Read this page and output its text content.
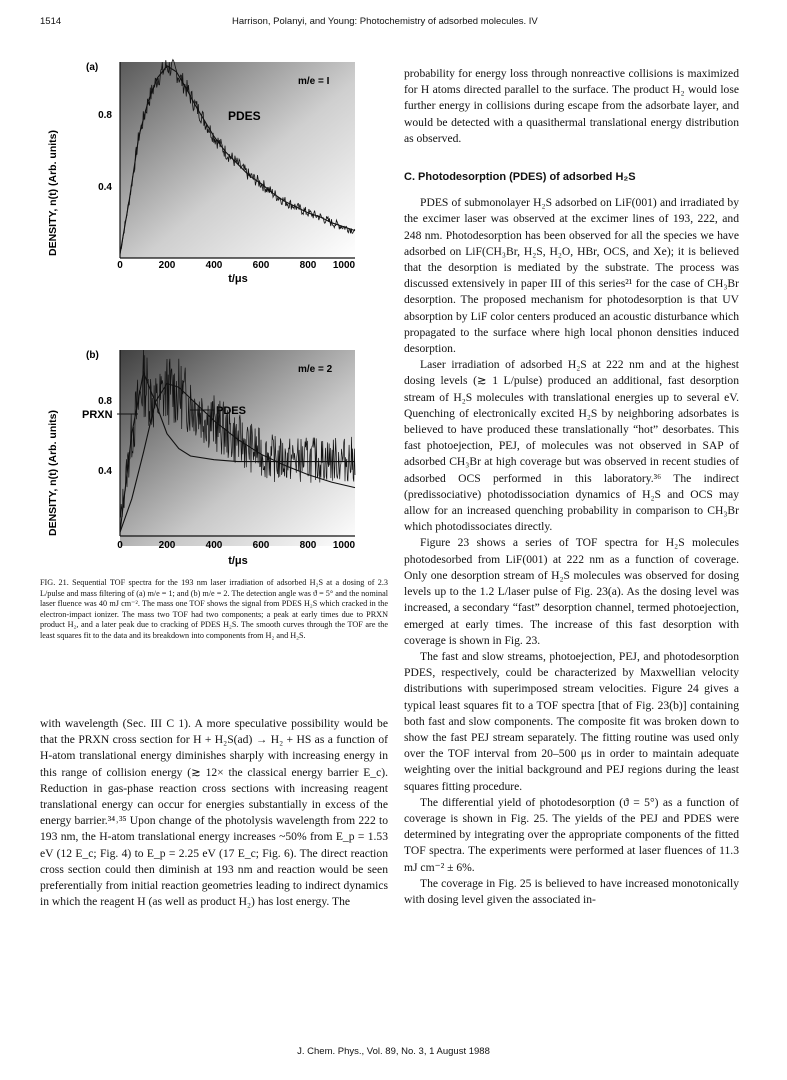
1514	Harrison, Polanyi, and Young: Photochemistry of adsorbed molecules. IV
(a)
DENSITY, n(t) (Arb. units)
0.8
0.4
0	200	400	600	800 1000
t/μs
m/e = I
PDES
(b)
DENSITY, n(t) (Arb. units)
0.8
0.4
0	200	400	600	800 1000
t/μs
m/e = 2
PRXN	PDES
FIG. 21. Sequential TOF spectra for the 193 nm laser irradiation of adsorbed H₂S at a dosing of 2.3 L/pulse and mass filtering of (a) m/e = 1; and (b) m/e = 2. The detection angle was ϑ = 5° and the nominal laser fluence was 40 mJ cm⁻². The mass one TOF shows the signal from PDES H₂S which cracked in the electron-impact ionizer. The mass two TOF had two components; a peak at early times due to PRXN product H₂, and a later peak due to cracking of PDES H₂S. The smooth curves through the TOF are the least squares fit to the data and its breakdown into components from H₂ and H₂S.

with wavelength (Sec. III C 1). A more speculative possibility would be that the PRXN cross section for H + H₂S(ad) → H₂ + HS as a function of H-atom translational energy diminishes sharply with increasing energy in this range of collision energy (≳ 12× the classical energy barrier E_c). Reduction in gas-phase reaction cross sections with increasing reagent translational energy can occur for energies substantially in excess of the energy barrier.³⁴˒³⁵ Upon change of the photolysis wavelength from 222 to 193 nm, the H-atom translational energy increases ~50% from E_p = 1.53 eV (12 E_c; Fig. 4) to E_p = 2.25 eV (17 E_c; Fig. 6). The direct reaction cross section could then diminish at 193 nm and reaction would be seen preferentially from initial reaction geometries leading to indirect dynamics in which the reagent H (as well as product H₂) has lost energy. The

probability for energy loss through nonreactive collisions is maximized for H atoms directed parallel to the surface. The product H₂ would lose further energy in collisions during escape from the adsorbate layer, and would be detected with a quasithermal translational energy distribution as observed.

C. Photodesorption (PDES) of adsorbed H₂S

PDES of submonolayer H₂S adsorbed on LiF(001) and irradiated by the excimer laser was observed at the excimer lines of 193, 222, and 248 nm. Photodesorption has been observed for all the species we have adsorbed on LiF(CH₃Br, H₂S, H₂O, HBr, OCS, and Xe); it is believed that the desorption is mediated by the substrate. The process was discussed extensively in paper III of this series²¹ for the case of CH₃Br desorption. The proposed mechanism for photodesorption is that UV absorption by LiF color centers produced an acoustic disturbance which propagated to the surface where high local phonon densities induced desorption.

Laser irradiation of adsorbed H₂S at 222 nm and at the highest dosing levels (≳ 1 L/pulse) produced an additional, fast desorption stream of H₂S molecules with translational energies up to several eV. Quenching of electronically excited H₂S by neighboring adsorbates is believed to have produced these translationally “hot” desorbates. This fast photoejection, PEJ, of molecules was not observed in SAP of adsorbed CH₃Br at high coverage but was observed in recent studies of adsorbed OCS performed in this laboratory.³⁶ The indirect (predissociative) photodissociation dynamics of H₂S and OCS may allow for an increased quenching probability in comparison to CH₃Br which photodissociates directly.

Figure 23 shows a series of TOF spectra for H₂S molecules photodesorbed from LiF(001) at 222 nm as a function of coverage. Only one desorption stream of H₂S molecules was observed for dosing levels up to the 1.2 L/laser pulse of Fig. 23(a). As the dosing level was increased, a secondary “fast” desorption channel, termed photoejection, emerged at early times. The increase of this fast desorption with coverage is shown in Fig. 23.

The fast and slow streams, photoejection, PEJ, and photodesorption PDES, respectively, could be characterized by Maxwellian velocity distributions with superimposed stream velocities. Figure 24 gives a typical least squares fit to a TOF spectra [that of Fig. 23(b)] containing both fast and slow components. The composite fit was broken down to show the fast PEJ stream separately. The fitting routine was used only over the TOF interval from 20–500 μs in order to maintain adequate weighting over the initial background and PEJ regions during the least squares fitting procedure.

The differential yield of photodesorption (ϑ = 5°) as a function of coverage is shown in Fig. 25. The yields of the PEJ and PDES were determined by integrating over the appropriate components of the fitted TOF spectra. The experiments were performed at laser fluences of 11.3 mJ cm⁻² ± 6%.

The coverage in Fig. 25 is believed to have increased monotonically with dosing level given the associated in-

J. Chem. Phys., Vol. 89, No. 3, 1 August 1988
